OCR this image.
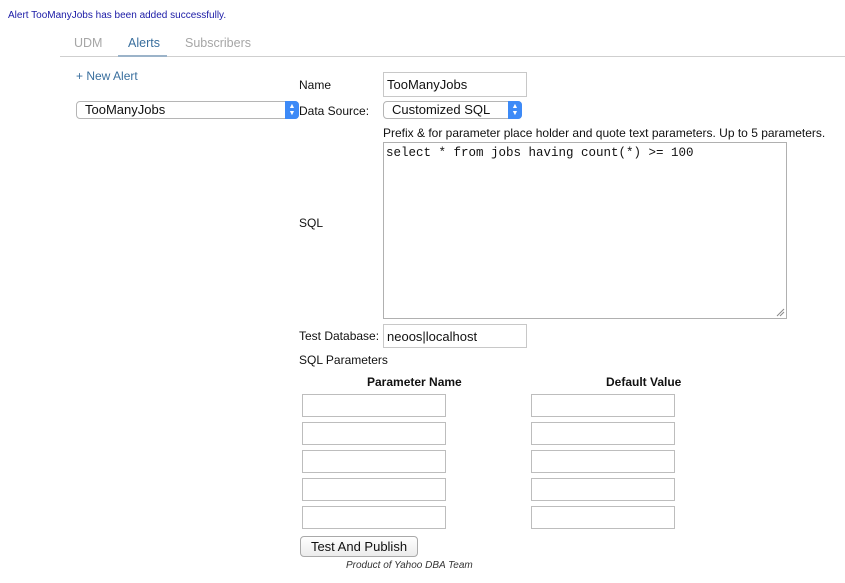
Alert TooManyJobs has been added successfully.
UDM Alerts Subscribers
+ New Alert
TooManyJobs	▲
▼
Name
TooManyJobs
Data Source:	Customized SQL	▲
▼
Prefix & for parameter place holder and quote text parameters. Up to 5 parameters.
SQL
select * from jobs having count(*) >= 100
Test Database:
neoos|localhost
SQL Parameters
Parameter Name	Default Value
Test And Publish
Product of Yahoo DBA Team
